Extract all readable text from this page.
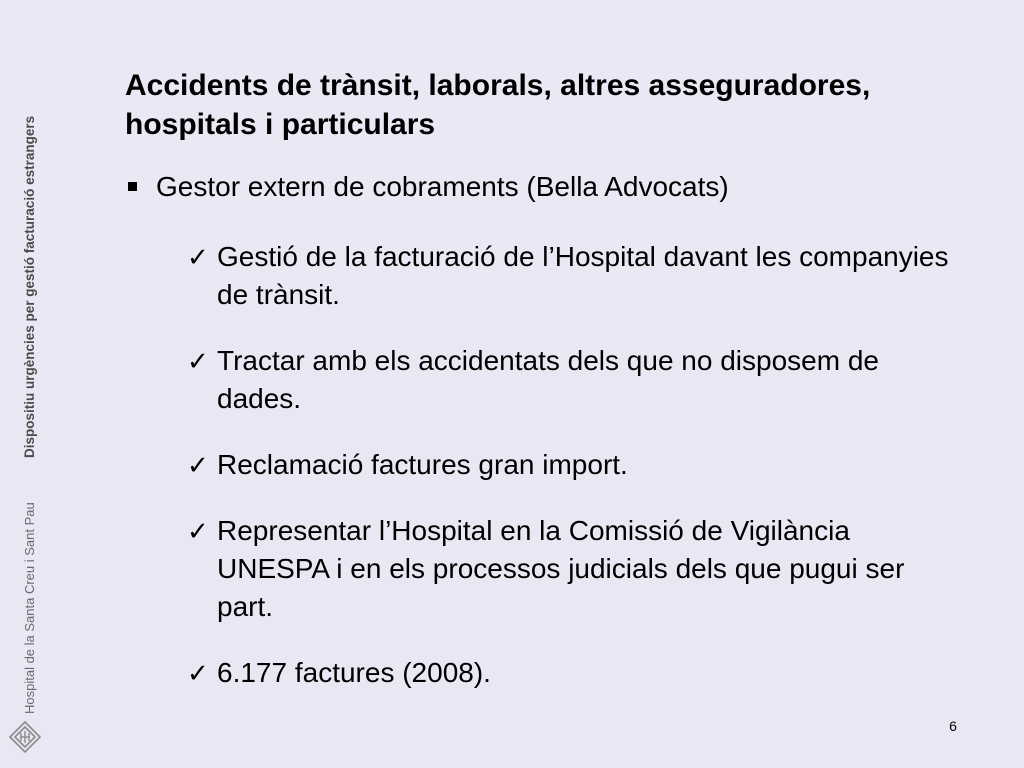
Dispositiu urgències per gestió facturació estrangers
Hospital de la Santa Creu i Sant Pau
Accidents de trànsit, laborals, altres asseguradores, hospitals i particulars
Gestor extern de cobraments (Bella Advocats)
✓ Gestió de la facturació de l’Hospital davant les companyies de trànsit.
✓ Tractar amb els accidentats dels que no disposem de dades.
✓ Reclamació factures gran import.
✓ Representar l’Hospital en la Comissió de Vigilància UNESPA i en els processos judicials dels que pugui ser part.
✓ 6.177 factures (2008).
6
